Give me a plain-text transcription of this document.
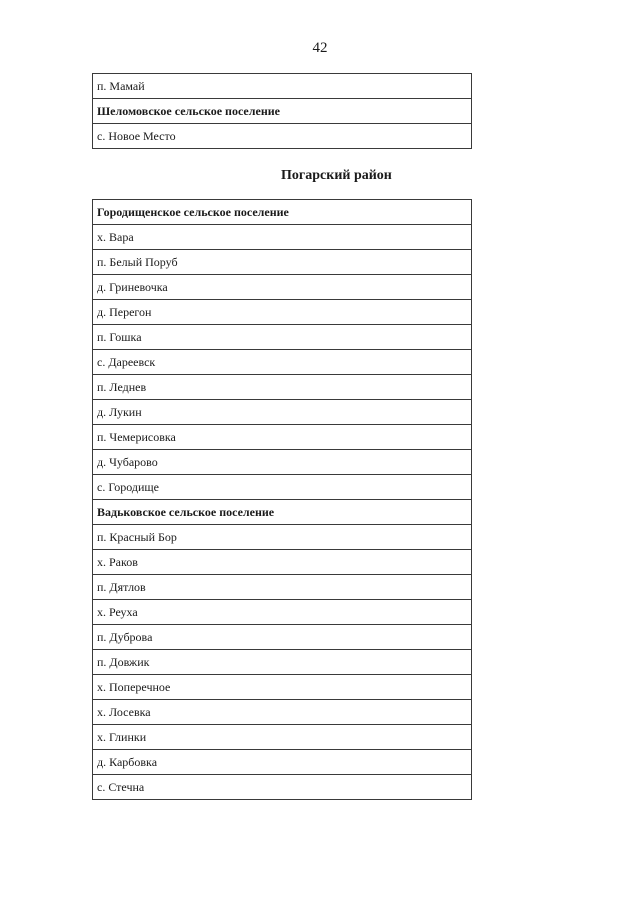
42
п. Мамай
Шеломовское сельское поселение
с. Новое Место
Погарский район
Городищенское сельское поселение
х. Вара
п. Белый Поруб
д. Гриневочка
д. Перегон
п. Гошка
с. Дареевск
п. Леднев
д. Лукин
п. Чемерисовка
д. Чубарово
с. Городище
Вадьковское сельское поселение
п. Красный Бор
х. Раков
п. Дятлов
х. Реуха
п. Дуброва
п. Довжик
х. Поперечное
х. Лосевка
х. Глинки
д. Карбовка
с. Стечна
